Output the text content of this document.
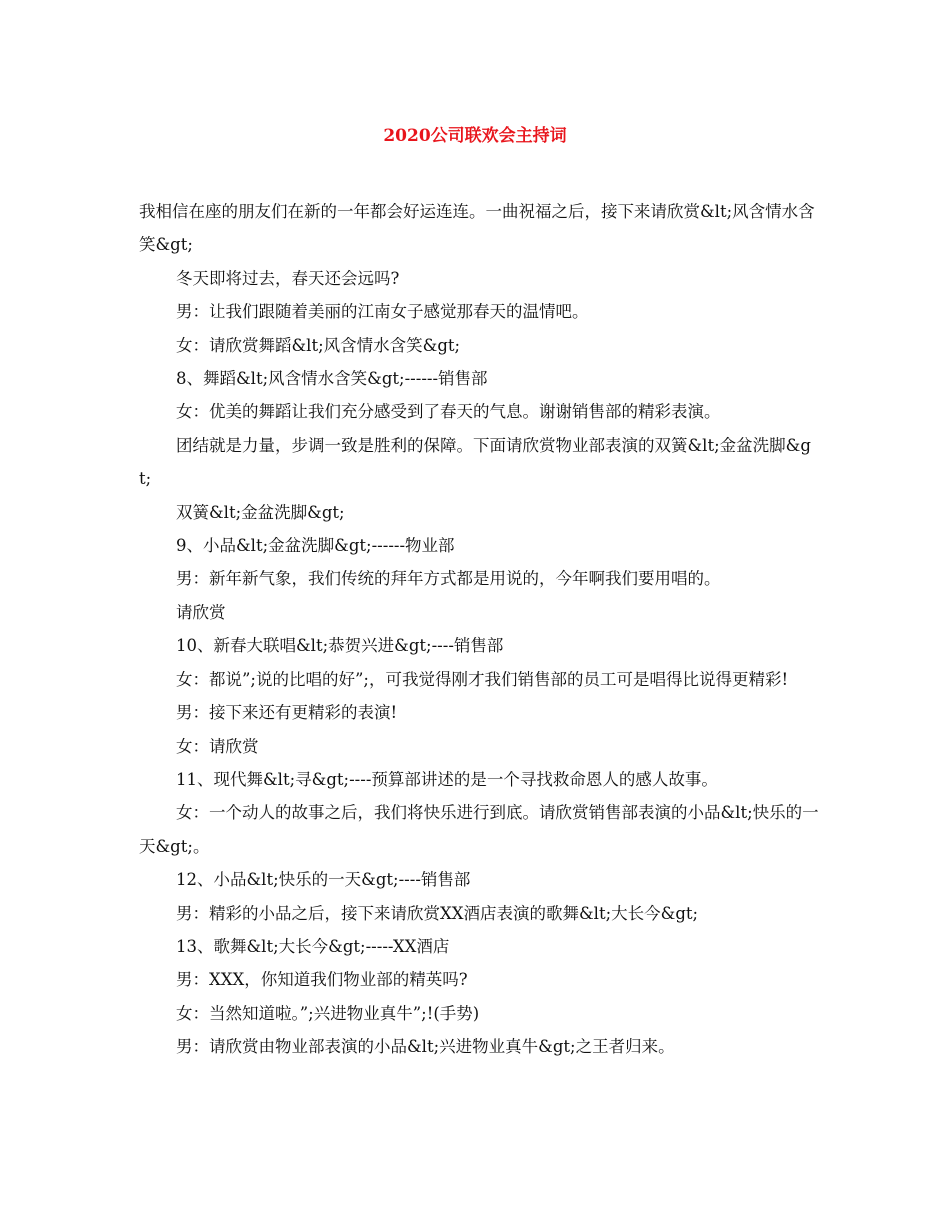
2020公司联欢会主持词

我相信在座的朋友们在新的一年都会好运连连。一曲祝福之后，接下来请欣赏&lt;风含情水含笑&gt;

冬天即将过去，春天还会远吗?

男：让我们跟随着美丽的江南女子感觉那春天的温情吧。

女：请欣赏舞蹈&lt;风含情水含笑&gt;

8、舞蹈&lt;风含情水含笑&gt;------销售部

女：优美的舞蹈让我们充分感受到了春天的气息。谢谢销售部的精彩表演。

团结就是力量，步调一致是胜利的保障。下面请欣赏物业部表演的双簧&lt;金盆洗脚&gt;

双簧&lt;金盆洗脚&gt;

9、小品&lt;金盆洗脚&gt;------物业部

男：新年新气象，我们传统的拜年方式都是用说的，今年啊我们要用唱的。

请欣赏

10、新春大联唱&lt;恭贺兴进&gt;----销售部

女：都说”;说的比唱的好”;，可我觉得刚才我们销售部的员工可是唱得比说得更精彩!

男：接下来还有更精彩的表演!

女：请欣赏

11、现代舞&lt;寻&gt;----预算部讲述的是一个寻找救命恩人的感人故事。

女：一个动人的故事之后，我们将快乐进行到底。请欣赏销售部表演的小品&lt;快乐的一天&gt;。

12、小品&lt;快乐的一天&gt;----销售部

男：精彩的小品之后，接下来请欣赏XX酒店表演的歌舞&lt;大长今&gt;

13、歌舞&lt;大长今&gt;-----XX酒店

男：XXX，你知道我们物业部的精英吗?

女：当然知道啦。”;兴进物业真牛”;!(手势)

男：请欣赏由物业部表演的小品&lt;兴进物业真牛&gt;之王者归来。
